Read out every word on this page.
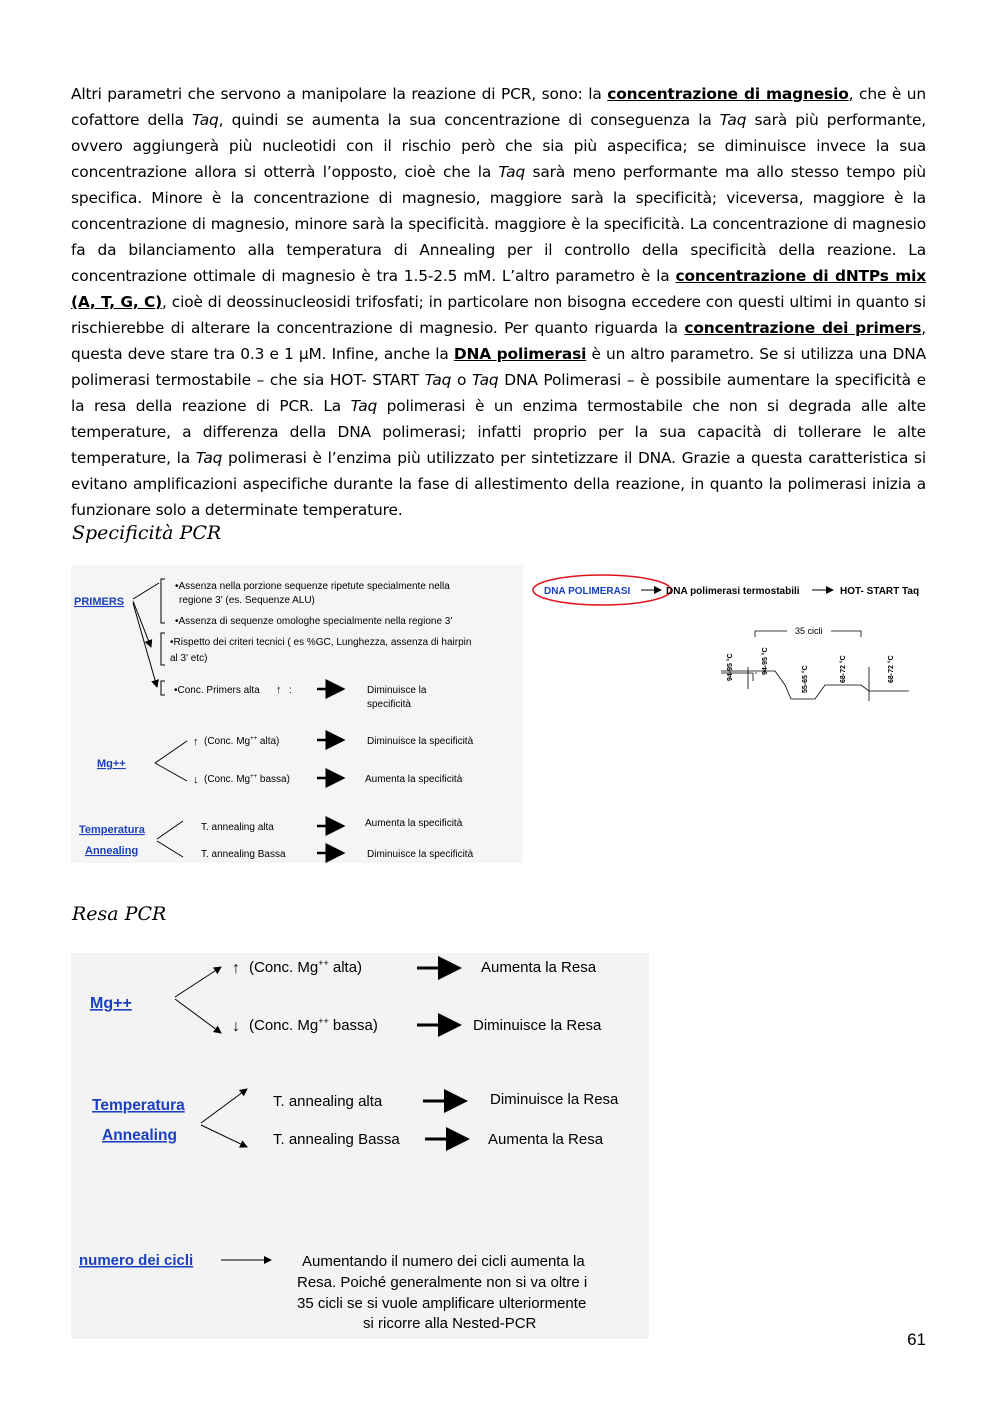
Altri parametri che servono a manipolare la reazione di PCR, sono: la concentrazione di magnesio, che è un cofattore della Taq, quindi se aumenta la sua concentrazione di conseguenza la Taq sarà più performante, ovvero aggiungerà più nucleotidi con il rischio però che sia più aspecifica; se diminuisce invece la sua concentrazione allora si otterrà l’opposto, cioè che la Taq sarà meno performante ma allo stesso tempo più specifica. Minore è la concentrazione di magnesio, maggiore sarà la specificità; viceversa, maggiore è la concentrazione di magnesio, minore sarà la specificità. maggiore è la specificità. La concentrazione di magnesio fa da bilanciamento alla temperatura di Annealing per il controllo della specificità della reazione. La concentrazione ottimale di magnesio è tra 1.5-2.5 mM. L’altro parametro è la concentrazione di dNTPs mix (A, T, G, C), cioè di deossinucleosidi trifosfati; in particolare non bisogna eccedere con questi ultimi in quanto si rischierebbe di alterare la concentrazione di magnesio. Per quanto riguarda la concentrazione dei primers, questa deve stare tra 0.3 e 1 µM. Infine, anche la DNA polimerasi è un altro parametro. Se si utilizza una DNA polimerasi termostabile – che sia HOT- START Taq o Taq DNA Polimerasi – è possibile aumentare la specificità e la resa della reazione di PCR. La Taq polimerasi è un enzima termostabile che non si degrada alle alte temperature, a differenza della DNA polimerasi; infatti proprio per la sua capacità di tollerare le alte temperature, la Taq polimerasi è l’enzima più utilizzato per sintetizzare il DNA. Grazie a questa caratteristica si evitano amplificazioni aspecifiche durante la fase di allestimento della reazione, in quanto la polimerasi inizia a funzionare solo a determinate temperature.
Specificità PCR
PRIMERS
•Assenza nella porzione sequenze ripetute specialmente nella
regione 3' (es. Sequenze ALU)
•Assenza di sequenze omologhe specialmente nella regione 3'
•Rispetto dei criteri tecnici ( es %GC, Lunghezza, assenza di hairpin
al 3' etc)
•Conc. Primers alta ↑ :	Diminuisce la
specificità
Mg++
↑ (Conc. Mg++ alta)	Diminuisce la specificità
↓ (Conc. Mg++ bassa)	Aumenta la specificità
Temperatura
Annealing
T. annealing alta	Aumenta la specificità
T. annealing Bassa	Diminuisce la specificità
DNA POLIMERASI	DNA polimerasi termostabili	HOT- START Taq
35 cicli
94-95 °C	94-95 °C
55-65 °C	68-72 °C	68-72 °C
Resa PCR
Mg++
↑ (Conc. Mg++ alta)	Aumenta la Resa
↓ (Conc. Mg++ bassa)	Diminuisce la Resa
Temperatura
Annealing
T. annealing alta	Diminuisce la Resa
T. annealing Bassa	Aumenta la Resa
numero dei cicli	Aumentando il numero dei cicli aumenta la
Resa. Poiché generalmente non si va oltre i
35 cicli se si vuole amplificare ulteriormente
si ricorre alla Nested-PCR
61
